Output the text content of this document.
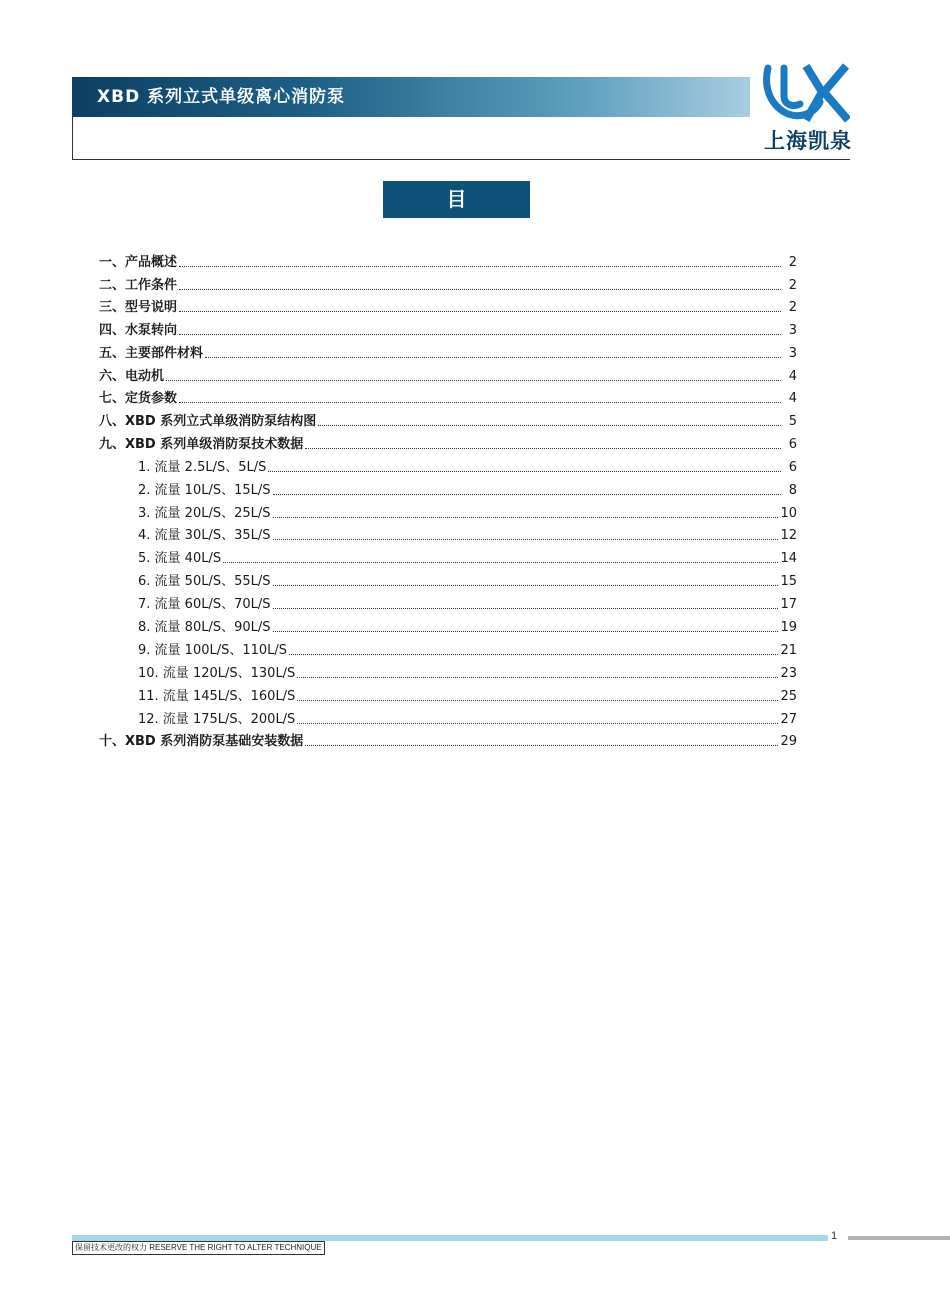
XBD 系列立式单级离心消防泵
上海凯泉
目 录
一、产品概述	2
二、工作条件	2
三、型号说明	2
四、水泵转向	3
五、主要部件材料	3
六、电动机	4
七、定货参数	4
八、XBD 系列立式单级消防泵结构图	5
九、XBD 系列单级消防泵技术数据	6
1. 流量 2.5L/S、5L/S	6
2. 流量 10L/S、15L/S	8
3. 流量 20L/S、25L/S	10
4. 流量 30L/S、35L/S	12
5. 流量 40L/S	14
6. 流量 50L/S、55L/S	15
7. 流量 60L/S、70L/S	17
8. 流量 80L/S、90L/S	19
9. 流量 100L/S、110L/S	21
10. 流量 120L/S、130L/S	23
11. 流量 145L/S、160L/S	25
12. 流量 175L/S、200L/S	27
十、XBD 系列消防泵基础安装数据	29
1
保留技术更改的权力 RESERVE THE RIGHT TO ALTER TECHNIQUE
